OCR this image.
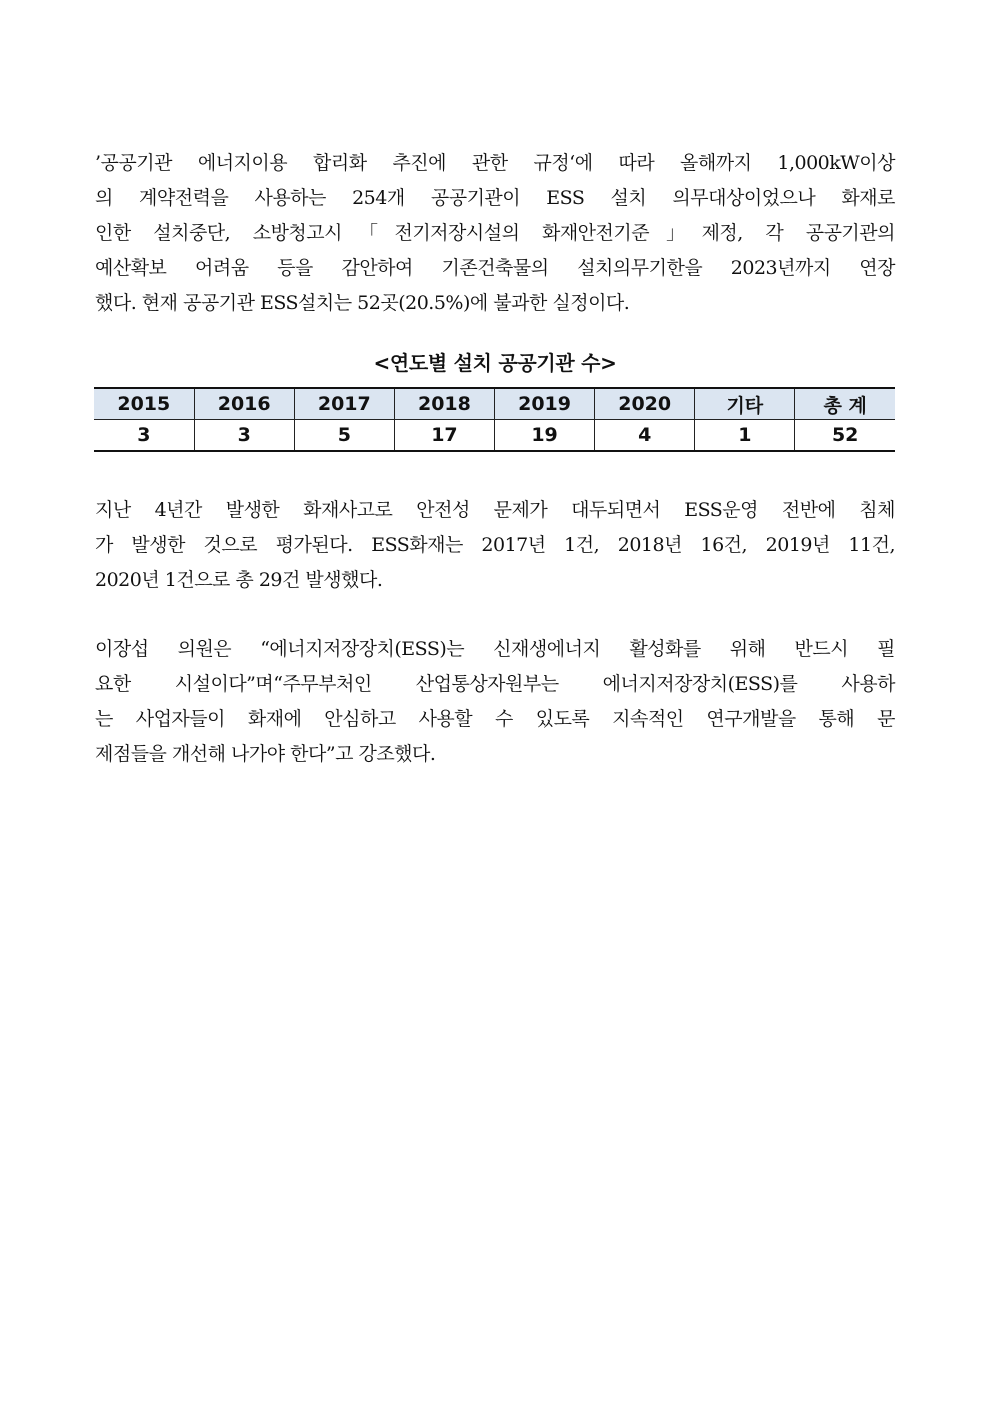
’공공기관 에너지이용 합리화 추진에 관한 규정‘에 따라 올해까지 1,000kW이상
의 계약전력을 사용하는 254개 공공기관이 ESS 설치 의무대상이었으나 화재로
인한 설치중단, 소방청고시「전기저장시설의 화재안전기준」제정, 각 공공기관의
예산확보 어려움 등을 감안하여 기존건축물의 설치의무기한을 2023년까지 연장
했다. 현재 공공기관 ESS설치는 52곳(20.5%)에 불과한 실정이다.
<연도별 설치 공공기관 수>
2015	2016	2017	2018	2019	2020	기타	총 계
3	3	5	17	19	4	1	52
지난 4년간 발생한 화재사고로 안전성 문제가 대두되면서 ESS운영 전반에 침체
가 발생한 것으로 평가된다. ESS화재는 2017년 1건, 2018년 16건, 2019년 11건,
2020년 1건으로 총 29건 발생했다.
이장섭 의원은 “에너지저장장치(ESS)는 신재생에너지 활성화를 위해 반드시 필
요한 시설이다”며“주무부처인 산업통상자원부는 에너지저장장치(ESS)를 사용하
는 사업자들이 화재에 안심하고 사용할 수 있도록 지속적인 연구개발을 통해 문
제점들을 개선해 나가야 한다”고 강조했다.
